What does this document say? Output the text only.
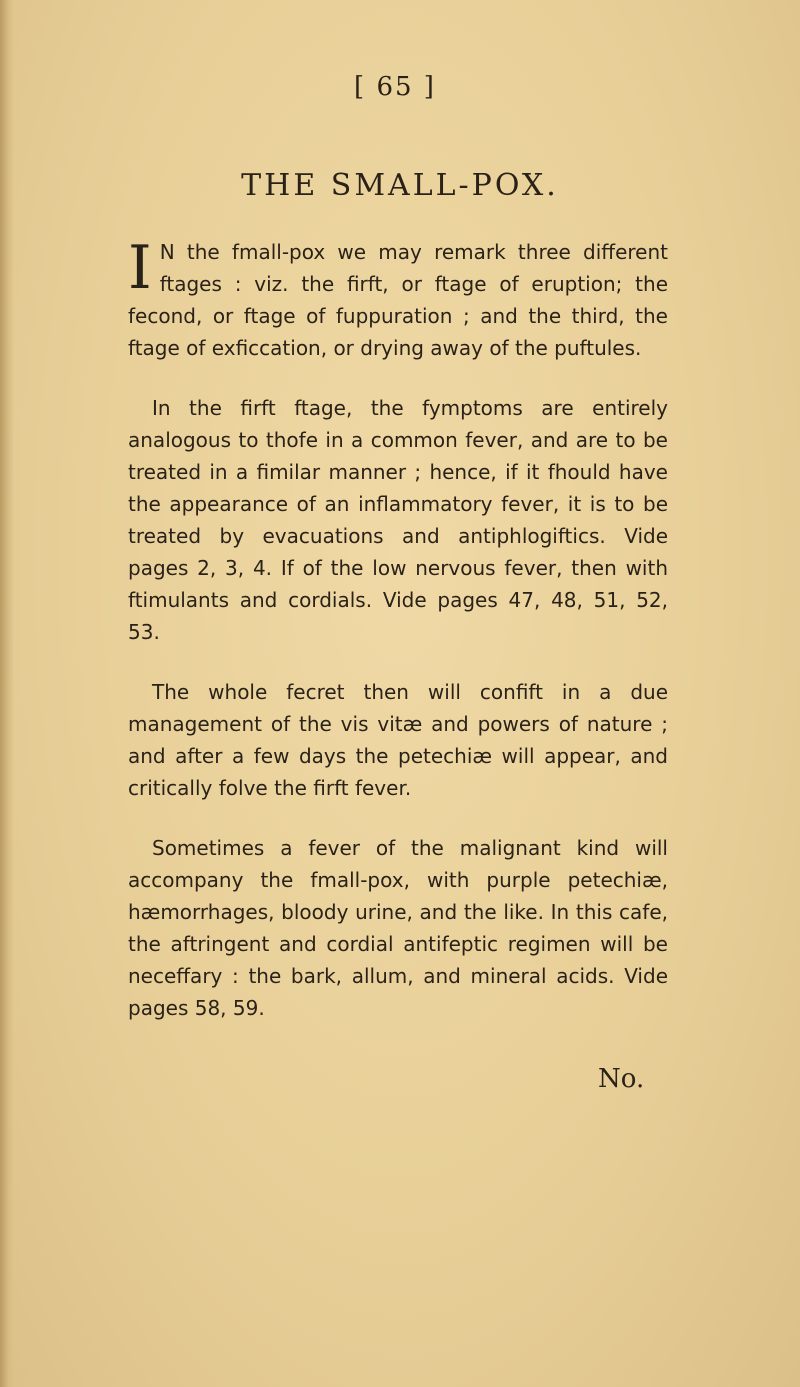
[ 65 ]
THE SMALL-POX.

I N the fmall-pox we may remark three different ftages : viz. the firft, or ftage of eruption; the fecond, or ftage of fuppuration ; and the third, the ftage of exficcation, or drying away of the puftules.

In the firft ftage, the fymptoms are entirely analogous to thofe in a common fever, and are to be treated in a fimilar manner ; hence, if it fhould have the appearance of an inflammatory fever, it is to be treated by evacuations and antiphlogiftics. Vide pages 2, 3, 4. If of the low nervous fever, then with ftimulants and cordials. Vide pages 47, 48, 51, 52, 53.

The whole fecret then will confift in a due management of the vis vitæ and powers of nature ; and after a few days the petechiæ will appear, and critically folve the firft fever.

Sometimes a fever of the malignant kind will accompany the fmall-pox, with purple petechiæ, hæmorrhages, bloody urine, and the like. In this cafe, the aftringent and cordial antifeptic regimen will be neceffary : the bark, allum, and mineral acids. Vide pages 58, 59.

No.
